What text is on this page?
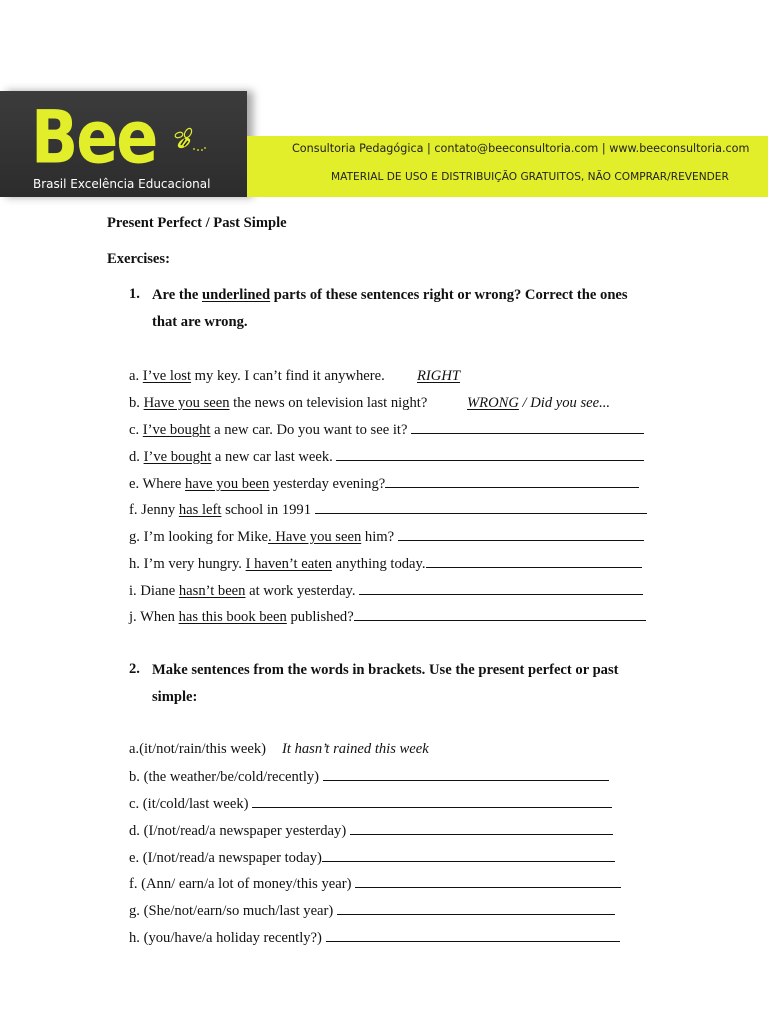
Bee
Brasil Excelência Educacional
Consultoria Pedagógica | contato@beeconsultoria.com | www.beeconsultoria.com
MATERIAL DE USO E DISTRIBUIÇÃO GRATUITOS, NÃO COMPRAR/REVENDER
Present Perfect / Past Simple
Exercises:
1. Are the underlined parts of these sentences right or wrong? Correct the ones
that are wrong.
a. I’ve lost my key. I can’t find it anywhere. RIGHT
b. Have you seen the news on television last night?	WRONG / Did you see...
c. I’ve bought a new car. Do you want to see it?
d. I’ve bought a new car last week.
e. Where have you been yesterday evening?
f. Jenny has left school in 1991
g. I’m looking for Mike. Have you seen him?
h. I’m very hungry. I haven’t eaten anything today.
i. Diane hasn’t been at work yesterday.
j. When has this book been published?
2. Make sentences from the words in brackets. Use the present perfect or past
simple:
a.(it/not/rain/this week) It hasn’t rained this week
b. (the weather/be/cold/recently)
c. (it/cold/last week)
d. (I/not/read/a newspaper yesterday)
e. (I/not/read/a newspaper today)
f. (Ann/ earn/a lot of money/this year)
g. (She/not/earn/so much/last year)
h. (you/have/a holiday recently?)
